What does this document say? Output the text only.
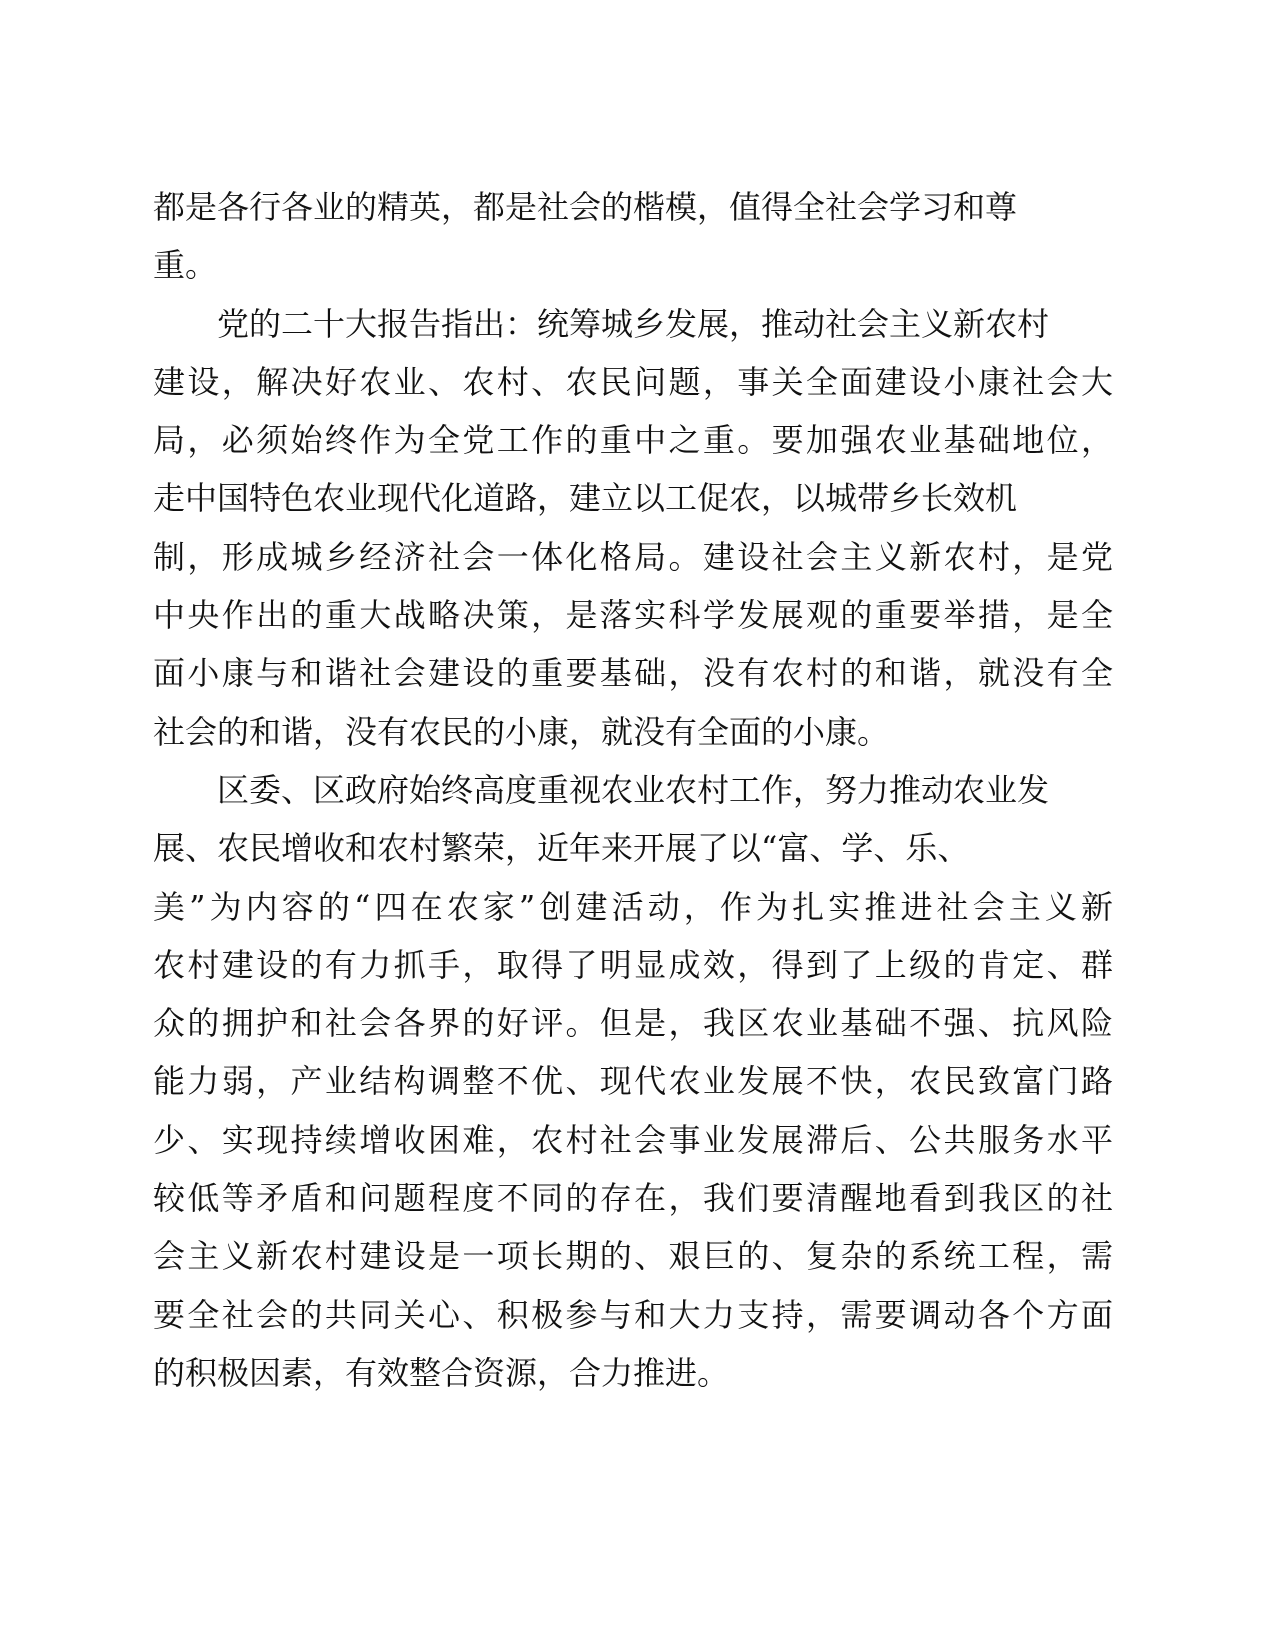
都是各行各业的精英，都是社会的楷模，值得全社会学习和尊
重。
党的二十大报告指出：统筹城乡发展，推动社会主义新农村
建设，解决好农业、农村、农民问题，事关全面建设小康社会大
局，必须始终作为全党工作的重中之重。要加强农业基础地位，
走中国特色农业现代化道路，建立以工促农，以城带乡长效机
制，形成城乡经济社会一体化格局。建设社会主义新农村，是党
中央作出的重大战略决策，是落实科学发展观的重要举措，是全
面小康与和谐社会建设的重要基础，没有农村的和谐，就没有全
社会的和谐，没有农民的小康，就没有全面的小康。
区委、区政府始终高度重视农业农村工作，努力推动农业发
展、农民增收和农村繁荣，近年来开展了以“富、学、乐、
美”为内容的“四在农家”创建活动，作为扎实推进社会主义新
农村建设的有力抓手，取得了明显成效，得到了上级的肯定、群
众的拥护和社会各界的好评。但是，我区农业基础不强、抗风险
能力弱，产业结构调整不优、现代农业发展不快，农民致富门路
少、实现持续增收困难，农村社会事业发展滞后、公共服务水平
较低等矛盾和问题程度不同的存在，我们要清醒地看到我区的社
会主义新农村建设是一项长期的、艰巨的、复杂的系统工程，需
要全社会的共同关心、积极参与和大力支持，需要调动各个方面
的积极因素，有效整合资源，合力推进。
